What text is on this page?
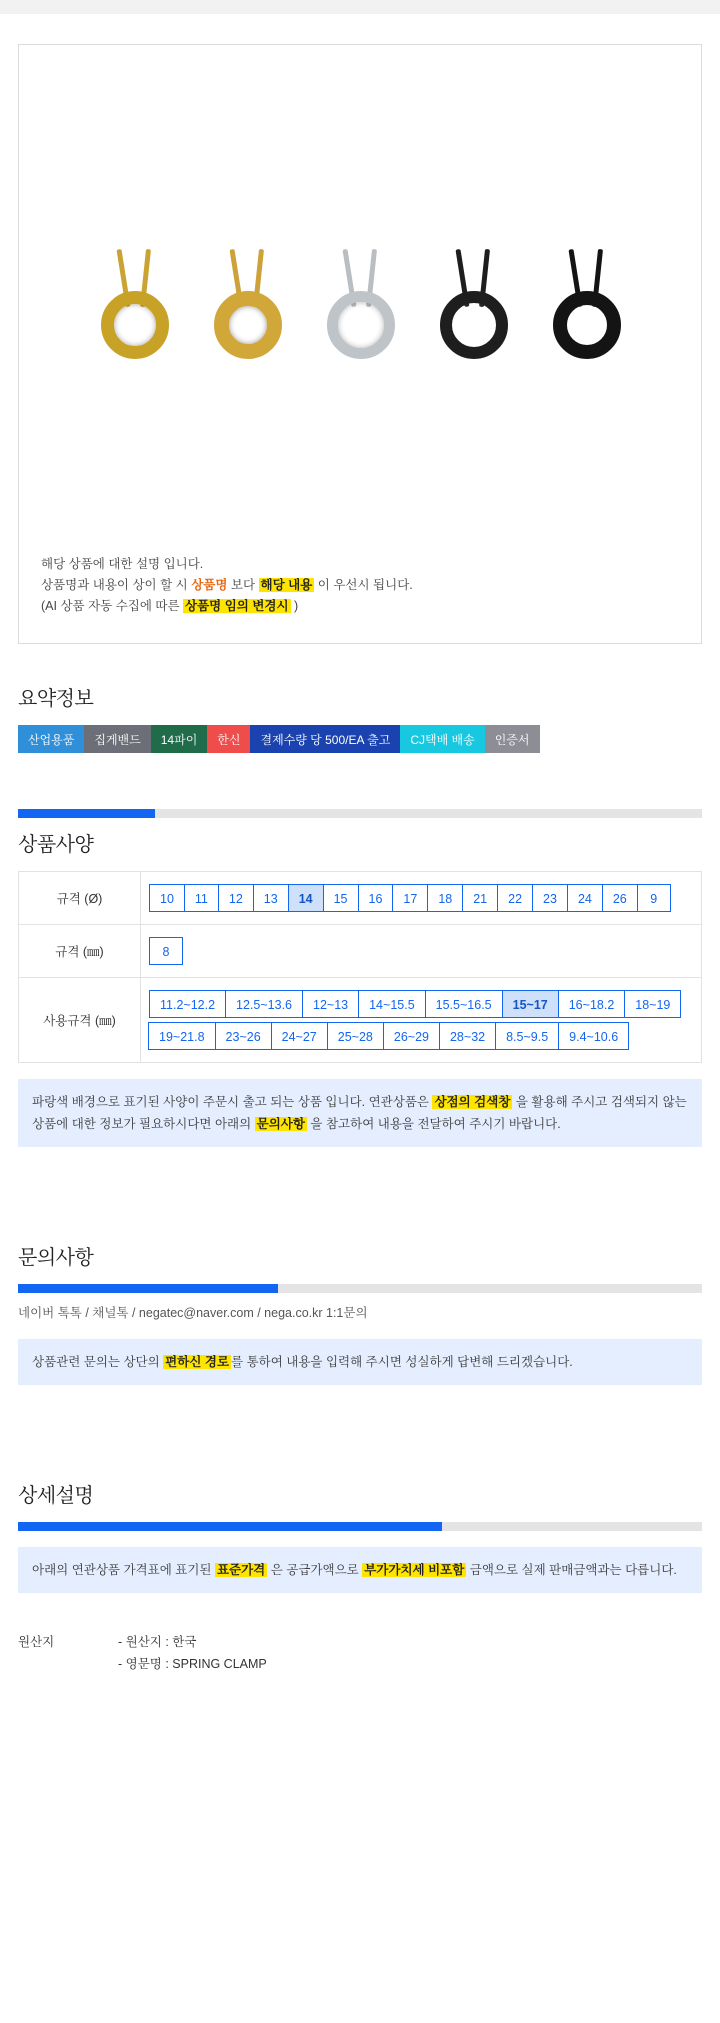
해당 상품에 대한 설명 입니다.
상품명과 내용이 상이 할 시 상품명 보다 해당 내용 이 우선시 됩니다.
(AI 상품 자동 수집에 따른 상품명 임의 변경시 )
요약정보
산업용품	집게밴드	14파이	한신	결제수량 당 500/EA 출고	CJ택배 배송	인증서
상품사양
규격 (Ø)	10	11	12	13	14	15	16	17	18	21	22	23	24	26	9

규격 (㎜)	8

사용규격 (㎜)	
11.2~12.2	12.5~13.6	12~13	14~15.5	15.5~16.5	15~17	16~18.2	18~19
19~21.8	23~26	24~27	25~28	26~29	28~32	8.5~9.5	9.4~10.6
파랑색 배경으로 표기된 사양이 주문시 출고 되는 상품 입니다. 연관상품은 상점의 검색창 을 활용해 주시고 검색되지 않는 상품에 대한 정보가 필요하시다면 아래의 문의사항 을 참고하여 내용을 전달하여 주시기 바랍니다.
문의사항
네이버 톡톡 / 채널톡 / negatec@naver.com / nega.co.kr 1:1문의
상품관련 문의는 상단의 편하신 경로 를 통하여 내용을 입력해 주시면 성실하게 답변해 드리겠습니다.
상세설명
아래의 연관상품 가격표에 표기된 표준가격 은 공급가액으로 부가가치세 비포함 금액으로 실제 판매금액과는 다릅니다.
원산지	- 원산지 : 한국
- 영문명 : SPRING CLAMP
